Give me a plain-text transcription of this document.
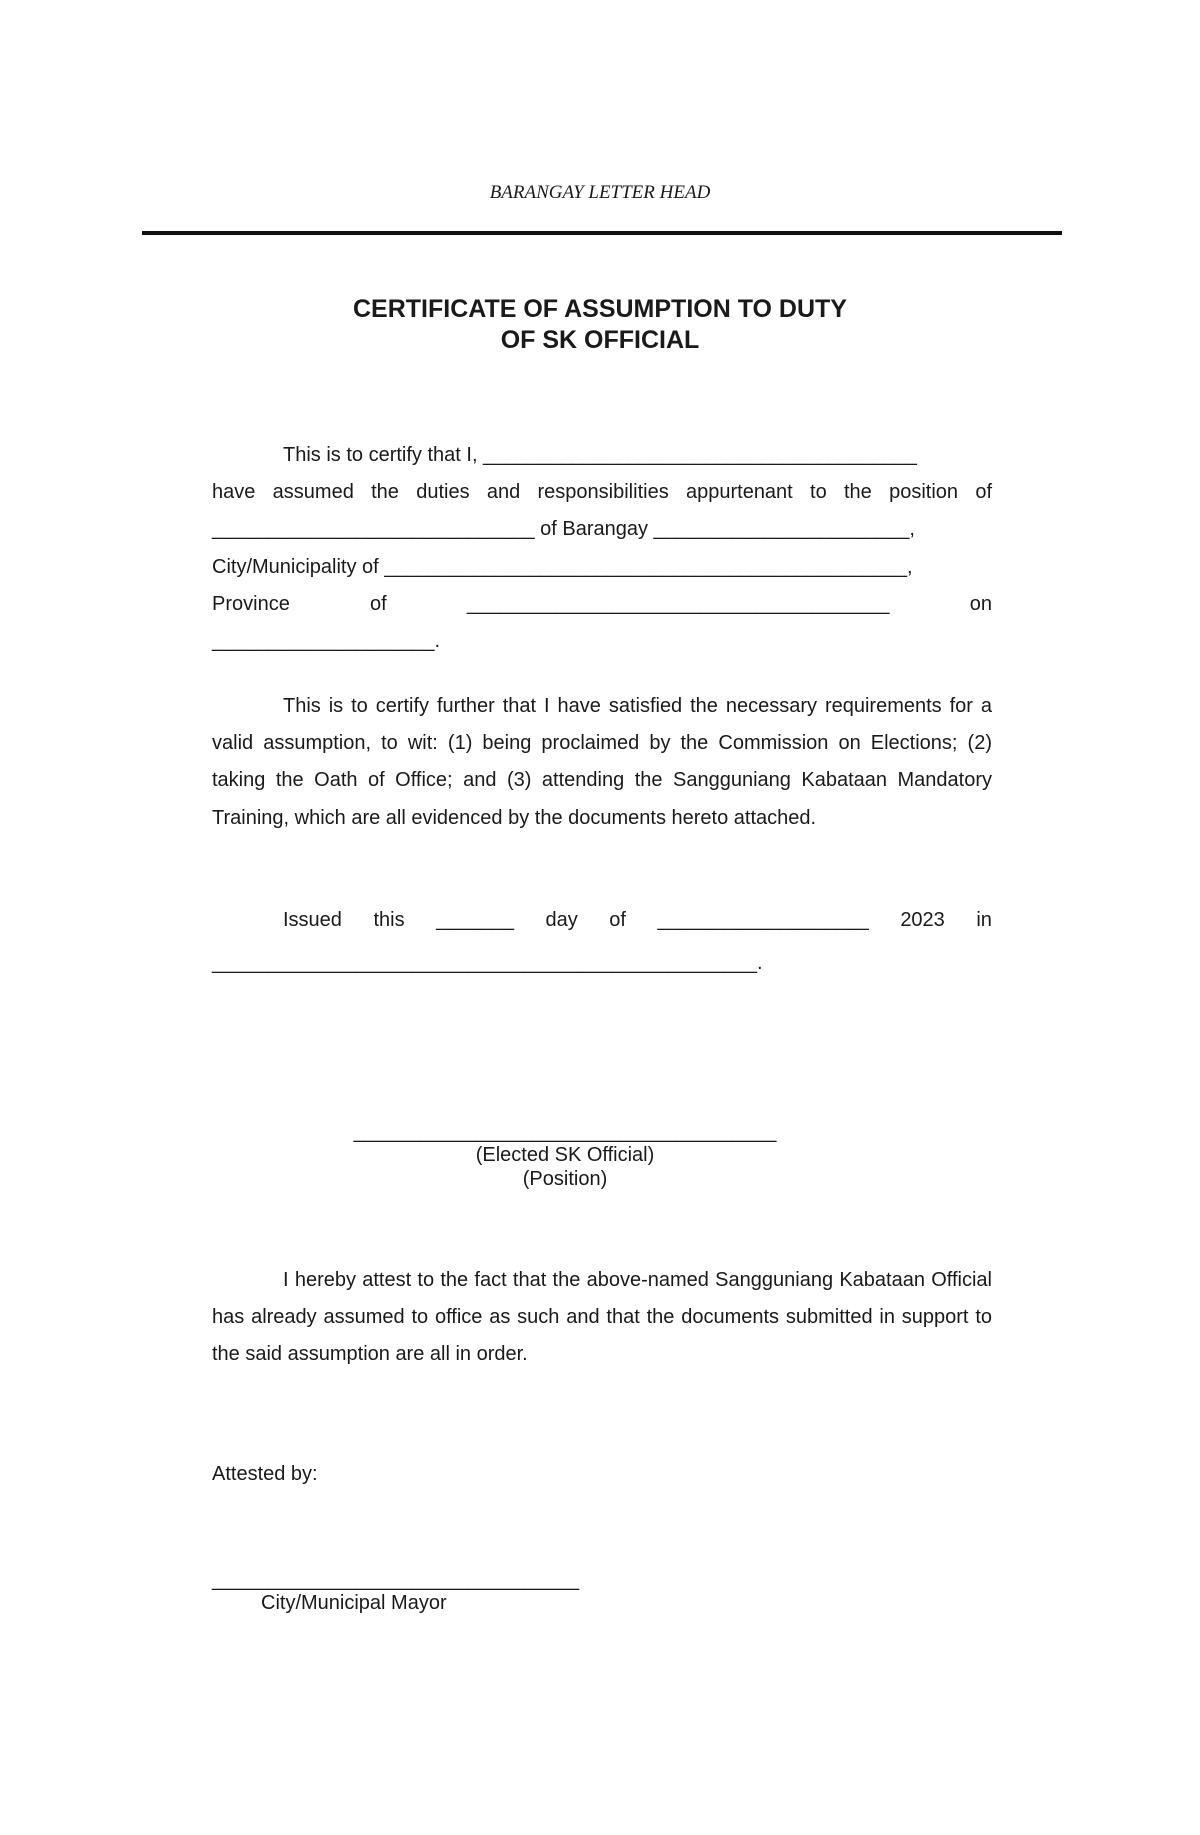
BARANGAY LETTER HEAD
CERTIFICATE OF ASSUMPTION TO DUTY
OF SK OFFICIAL
This is to certify that I, _______________________________________
have assumed the duties and responsibilities appurtenant to the position of
_____________________________ of Barangay _______________________,
City/Municipality of _______________________________________________,
Province	of	______________________________________	on
____________________.
This is to certify further that I have satisfied the necessary requirements for a valid assumption, to wit: (1) being proclaimed by the Commission on Elections; (2) taking the Oath of Office; and (3) attending the Sangguniang Kabataan Mandatory Training, which are all evidenced by the documents hereto attached.
Issued this _______ day of ___________________ 2023 in
_________________________________________________.
______________________________________
(Elected SK Official)
(Position)
I hereby attest to the fact that the above-named Sangguniang Kabataan Official has already assumed to office as such and that the documents submitted in support to the said assumption are all in order.
Attested by:
_________________________________
City/Municipal Mayor
